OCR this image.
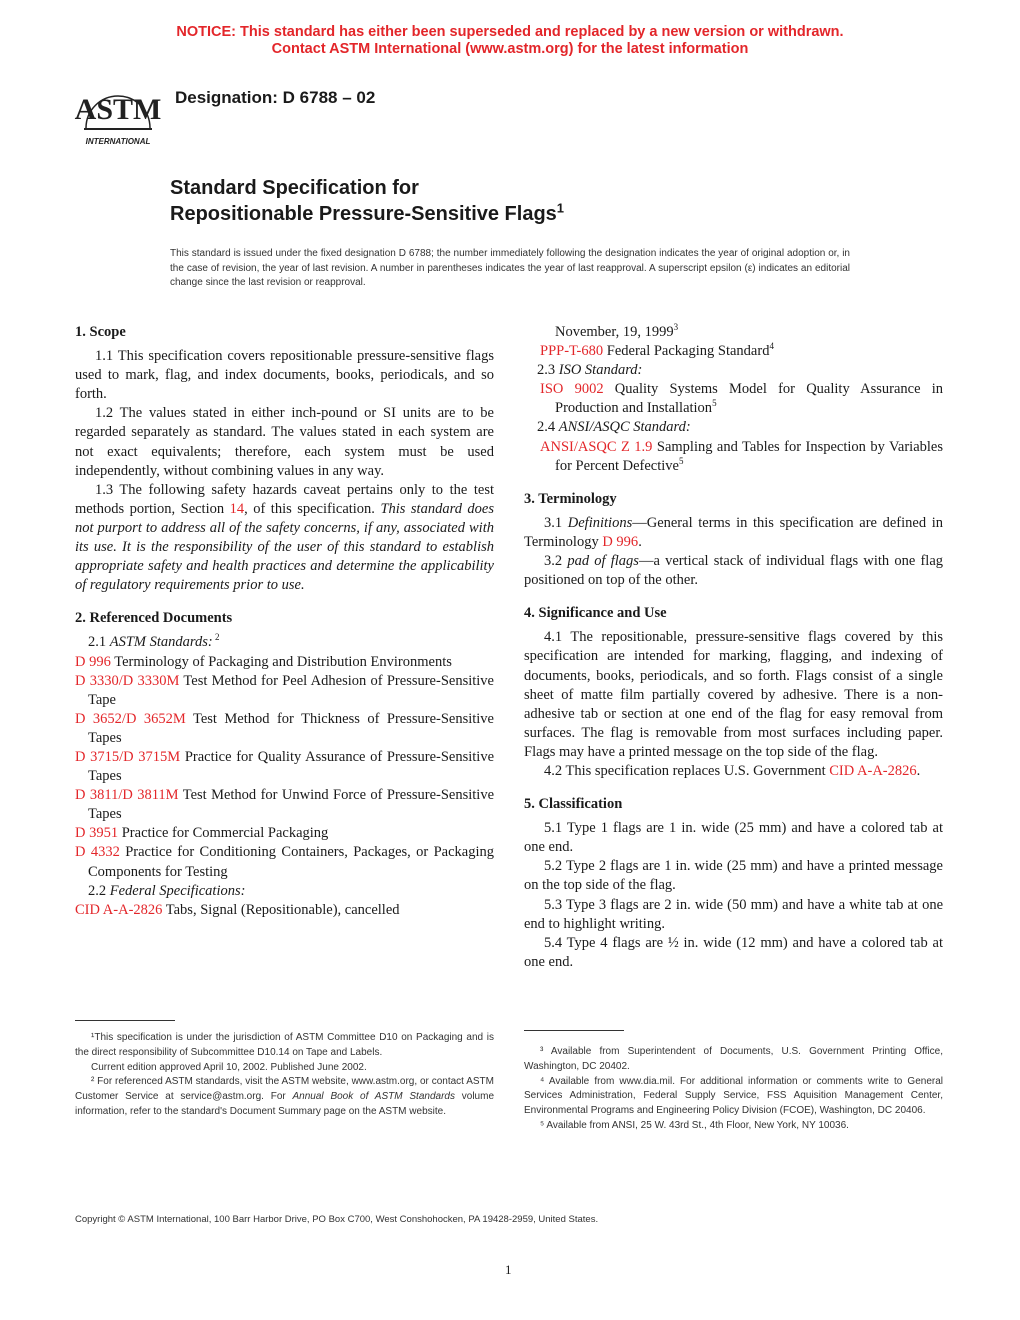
NOTICE: This standard has either been superseded and replaced by a new version or withdrawn.
Contact ASTM International (www.astm.org) for the latest information
ASTM
INTERNATIONAL
Designation: D 6788 – 02
Standard Specification for
Repositionable Pressure-Sensitive Flags$^1$
This standard is issued under the fixed designation D 6788; the number immediately following the designation indicates the year of original adoption or, in the case of revision, the year of last revision. A number in parentheses indicates the year of last reapproval. A superscript epsilon (ε) indicates an editorial change since the last revision or reapproval.

1. Scope

1.1 This specification covers repositionable pressure-sensitive flags used to mark, flag, and index documents, books, periodicals, and so forth.

1.2 The values stated in either inch-pound or SI units are to be regarded separately as standard. The values stated in each system are not exact equivalents; therefore, each system must be used independently, without combining values in any way.

1.3 The following safety hazards caveat pertains only to the test methods portion, Section 14, of this specification. This standard does not purport to address all of the safety concerns, if any, associated with its use. It is the responsibility of the user of this standard to establish appropriate safety and health practices and determine the applicability of regulatory requirements prior to use.

2. Referenced Documents

2.1 ASTM Standards: $^2$

D 996 Terminology of Packaging and Distribution Environments

D 3330/D 3330M Test Method for Peel Adhesion of Pressure-Sensitive Tape

D 3652/D 3652M Test Method for Thickness of Pressure-Sensitive Tapes

D 3715/D 3715M Practice for Quality Assurance of Pressure-Sensitive Tapes

D 3811/D 3811M Test Method for Unwind Force of Pressure-Sensitive Tapes

D 3951 Practice for Commercial Packaging

D 4332 Practice for Conditioning Containers, Packages, or Packaging Components for Testing

2.2 Federal Specifications:

CID A-A-2826 Tabs, Signal (Repositionable), cancelled

November, 19, 1999$^3$

PPP-T-680 Federal Packaging Standard$^4$

2.3 ISO Standard:

ISO 9002 Quality Systems Model for Quality Assurance in Production and Installation$^5$

2.4 ANSI/ASQC Standard:

ANSI/ASQC Z 1.9 Sampling and Tables for Inspection by Variables for Percent Defective$^5$

3. Terminology

3.1 Definitions—General terms in this specification are defined in Terminology D 996.

3.2 pad of flags—a vertical stack of individual flags with one flag positioned on top of the other.

4. Significance and Use

4.1 The repositionable, pressure-sensitive flags covered by this specification are intended for marking, flagging, and indexing of documents, books, periodicals, and so forth. Flags consist of a single sheet of matte film partially covered by adhesive. There is a non-adhesive tab or section at one end of the flag for easy removal from surfaces. The flag is removable from most surfaces including paper. Flags may have a printed message on the top side of the flag.

4.2 This specification replaces U.S. Government CID A-A-2826.

5. Classification

5.1 Type 1 flags are 1 in. wide (25 mm) and have a colored tab at one end.

5.2 Type 2 flags are 1 in. wide (25 mm) and have a printed message on the top side of the flag.

5.3 Type 3 flags are 2 in. wide (50 mm) and have a white tab at one end to highlight writing.

5.4 Type 4 flags are ½ in. wide (12 mm) and have a colored tab at one end.

¹This specification is under the jurisdiction of ASTM Committee D10 on Packaging and is the direct responsibility of Subcommittee D10.14 on Tape and Labels.

Current edition approved April 10, 2002. Published June 2002.

² For referenced ASTM standards, visit the ASTM website, www.astm.org, or contact ASTM Customer Service at service@astm.org. For Annual Book of ASTM Standards volume information, refer to the standard's Document Summary page on the ASTM website.

³ Available from Superintendent of Documents, U.S. Government Printing Office, Washington, DC 20402.

⁴ Available from www.dia.mil. For additional information or comments write to General Services Administration, Federal Supply Service, FSS Aquisition Management Center, Environmental Programs and Engineering Policy Division (FCOE), Washington, DC 20406.

⁵ Available from ANSI, 25 W. 43rd St., 4th Floor, New York, NY 10036.

Copyright © ASTM International, 100 Barr Harbor Drive, PO Box C700, West Conshohocken, PA 19428-2959, United States.
1
